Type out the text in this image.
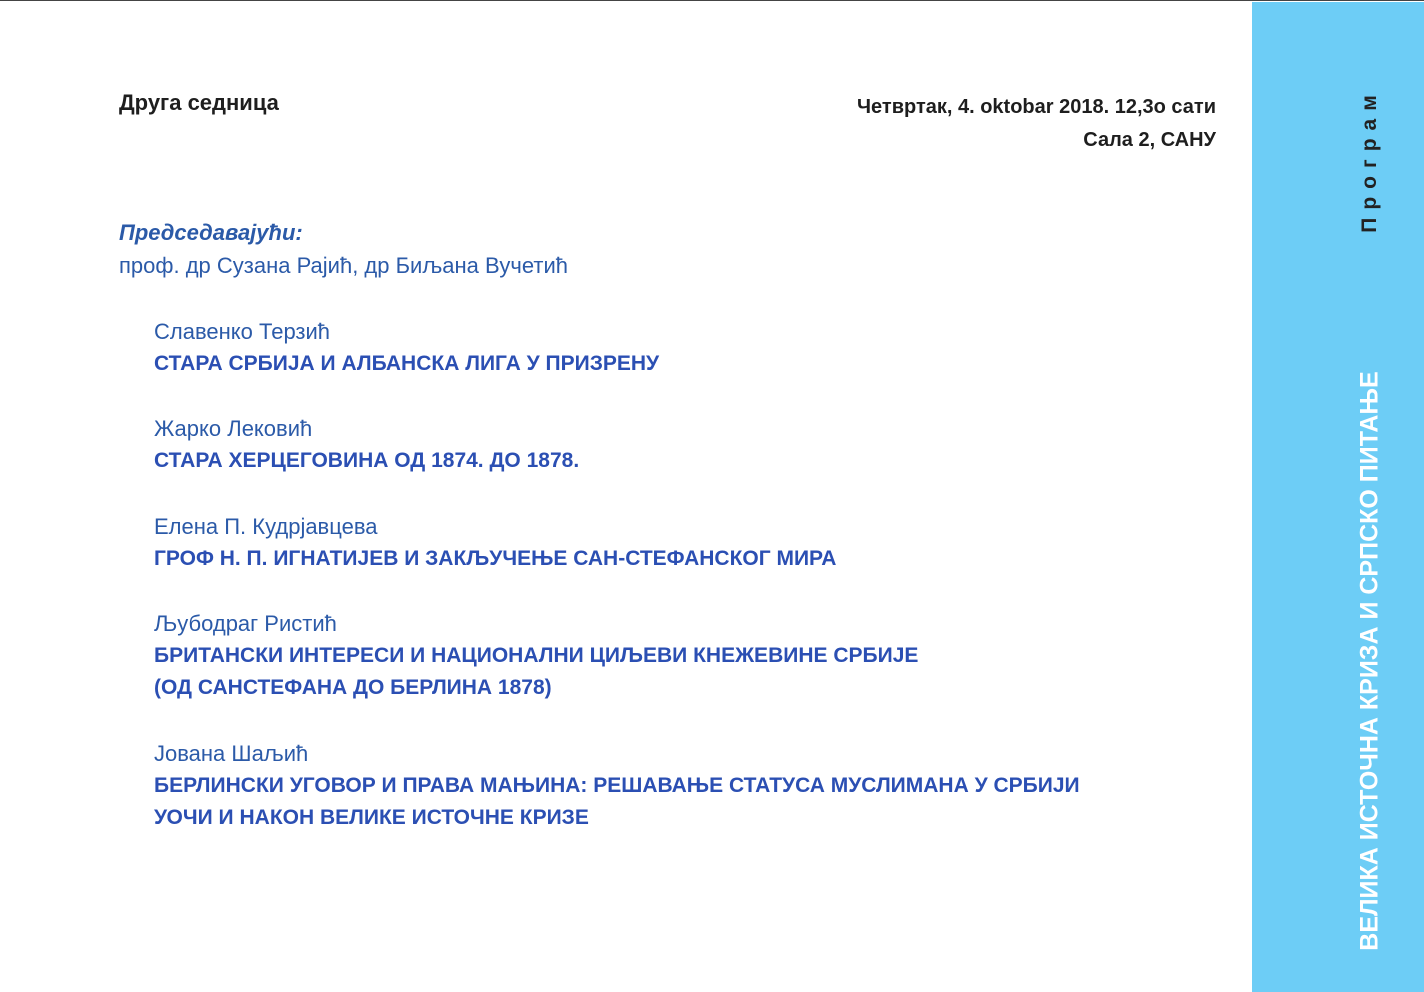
Друга седница	Четвртак, 4. oktobar 2018. 12,3o сати
Сала 2, САНУ
Председавајући:
проф. др Сузана Рајић, др Биљана Вучетић
Славенко Терзић
СТАРА СРБИЈА И АЛБАНСКА ЛИГА У ПРИЗРЕНУ
Жарко Лековић
СТАРА ХЕРЦЕГОВИНА ОД 1874. ДО 1878.
Елена П. Кудрјавцева
ГРОФ Н. П. ИГНАТИЈЕВ И ЗАКЉУЧЕЊЕ САН-СТЕФАНСКОГ МИРА
Љубодраг Ристић
БРИТАНСКИ ИНТЕРЕСИ И НАЦИОНАЛНИ ЦИЉЕВИ КНЕЖЕВИНЕ СРБИЈЕ
(ОД САНСТЕФАНА ДО БЕРЛИНА 1878)
Јована Шаљић
БЕРЛИНСКИ УГОВОР И ПРАВА МАЊИНА: РЕШАВАЊЕ СТАТУСА МУСЛИМАНА У СРБИЈИ
УОЧИ И НАКОН ВЕЛИКЕ ИСТОЧНЕ КРИЗЕ
Програм
ВЕЛИКА ИСТОЧНА КРИЗА И СРПСКО ПИТАЊЕ
